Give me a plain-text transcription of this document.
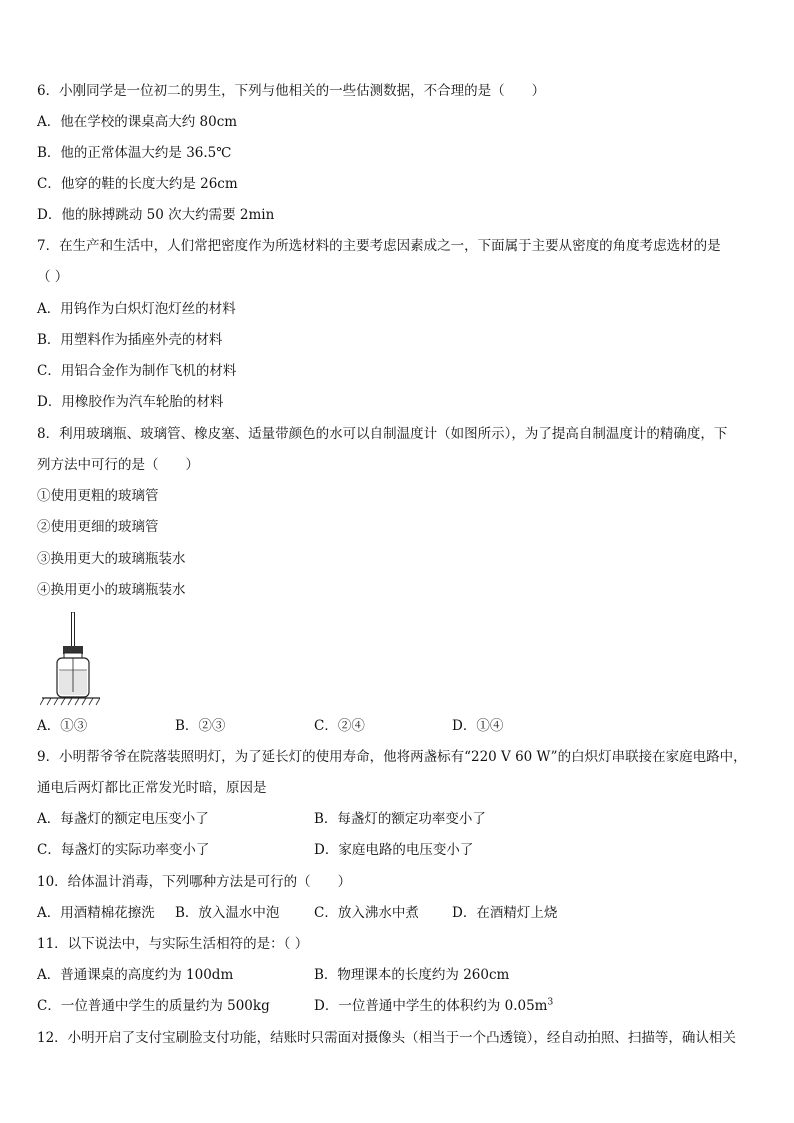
6．小刚同学是一位初二的男生，下列与他相关的一些估测数据，不合理的是（　　）
A．他在学校的课桌高大约 80cm
B．他的正常体温大约是 36.5℃
C．他穿的鞋的长度大约是 26cm
D．他的脉搏跳动 50 次大约需要 2min
7．在生产和生活中，人们常把密度作为所选材料的主要考虑因素成之一，下面属于主要从密度的角度考虑选材的是
（ ）
A．用钨作为白炽灯泡灯丝的材料
B．用塑料作为插座外壳的材料
C．用铝合金作为制作飞机的材料
D．用橡胶作为汽车轮胎的材料
8．利用玻璃瓶、玻璃管、橡皮塞、适量带颜色的水可以自制温度计（如图所示），为了提高自制温度计的精确度，下
列方法中可行的是（　　）
①使用更粗的玻璃管
②使用更细的玻璃管
③换用更大的玻璃瓶装水
④换用更小的玻璃瓶装水
A．①③	B．②③	C．②④	D．①④
9．小明帮爷爷在院落装照明灯，为了延长灯的使用寿命，他将两盏标有“220 V 60 W”的白炽灯串联接在家庭电路中，
通电后两灯都比正常发光时暗，原因是
A．每盏灯的额定电压变小了	B．每盏灯的额定功率变小了
C．每盏灯的实际功率变小了	D．家庭电路的电压变小了
10．给体温计消毒，下列哪种方法是可行的（　　）
A．用酒精棉花擦洗 B．放入温水中泡	C．放入沸水中煮 D．在酒精灯上烧
11．以下说法中，与实际生活相符的是：（ ）
A．普通课桌的高度约为 100dm	B．物理课本的长度约为 260cm
C．一位普通中学生的质量约为 500kg	D．一位普通中学生的体积约为 $0.05m^3$
12．小明开启了支付宝刷脸支付功能，结账时只需面对摄像头（相当于一个凸透镜），经自动拍照、扫描等，确认相关
